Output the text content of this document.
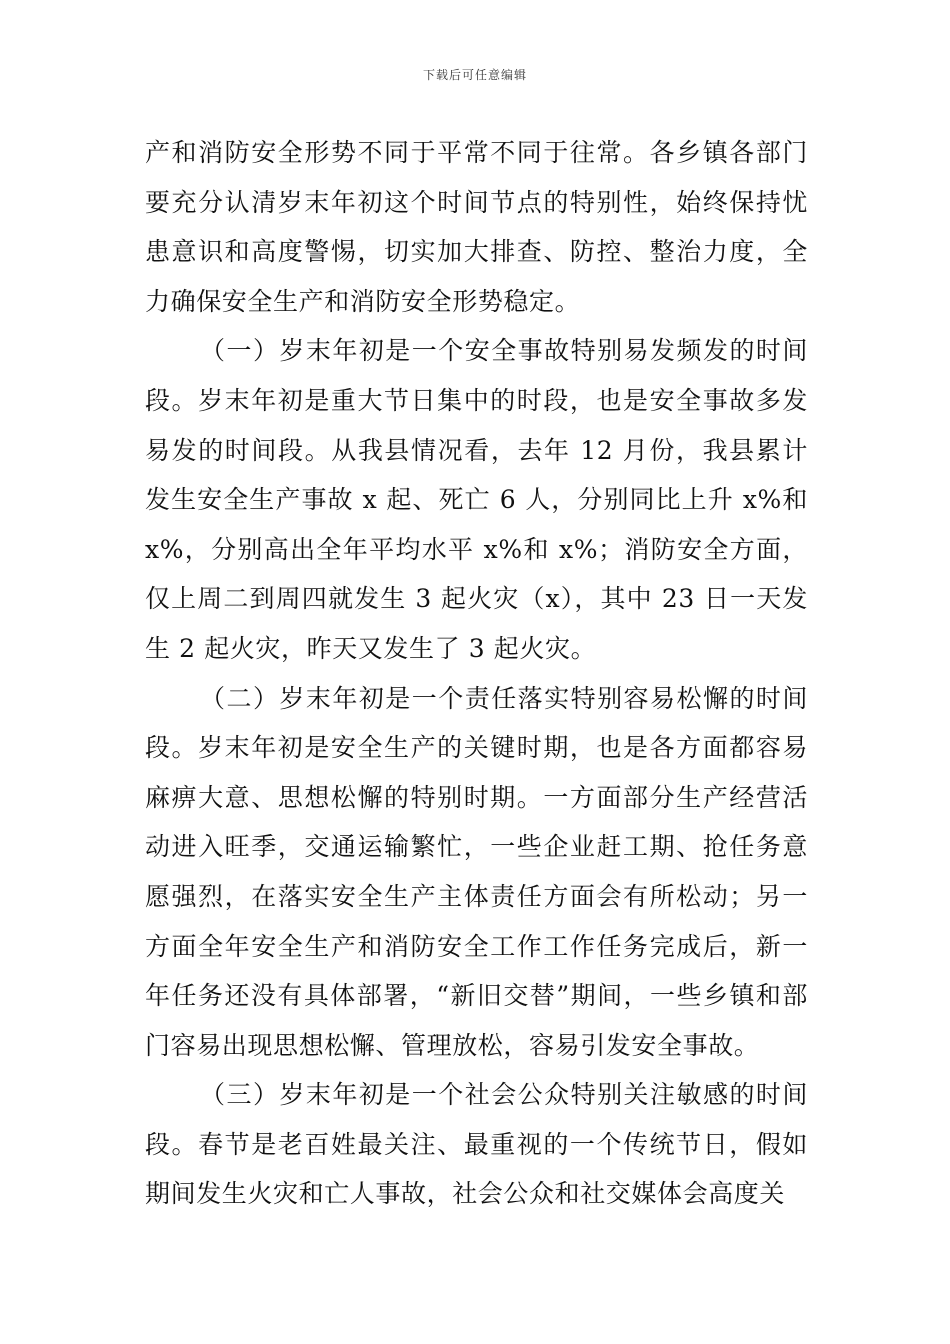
下载后可任意编辑

产和消防安全形势不同于平常不同于往常。各乡镇各部门要充分认清岁末年初这个时间节点的特别性，始终保持忧患意识和高度警惕，切实加大排查、防控、整治力度，全力确保安全生产和消防安全形势稳定。

（一）岁末年初是一个安全事故特别易发频发的时间段。岁末年初是重大节日集中的时段，也是安全事故多发易发的时间段。从我县情况看，去年 12 月份，我县累计发生安全生产事故 x 起、死亡 6 人，分别同比上升 x%和 x%，分别高出全年平均水平 x%和 x%；消防安全方面，仅上周二到周四就发生 3 起火灾（x），其中 23 日一天发生 2 起火灾，昨天又发生了 3 起火灾。

（二）岁末年初是一个责任落实特别容易松懈的时间段。岁末年初是安全生产的关键时期，也是各方面都容易麻痹大意、思想松懈的特别时期。一方面部分生产经营活动进入旺季，交通运输繁忙，一些企业赶工期、抢任务意愿强烈，在落实安全生产主体责任方面会有所松动；另一方面全年安全生产和消防安全工作工作任务完成后，新一年任务还没有具体部署，“新旧交替”期间，一些乡镇和部门容易出现思想松懈、管理放松，容易引发安全事故。

（三）岁末年初是一个社会公众特别关注敏感的时间段。春节是老百姓最关注、最重视的一个传统节日，假如期间发生火灾和亡人事故，社会公众和社交媒体会高度关
